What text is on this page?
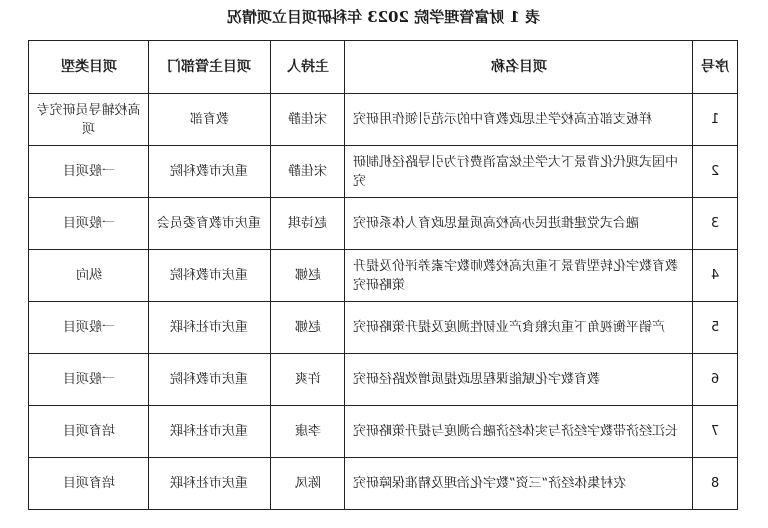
表 1 财富管理学院 2023 年科研项目立项情况
项目类型	项目主管部门	主持人	项目名称	序号
高校辅导员研究专项	教育部	宋佳静	样板支部在高校学生思政教育中的示范引领作用研究	1
一般项目	重庆市教科院	宋佳静	中国式现代化背景下大学生炫富消费行为引导路径机制研究	2
一般项目	重庆市教育委员会	赵诗琪	融合式党建推进民办高校高质量思政育人体系研究	3
纵向	重庆市教科院	赵娜	教育数字化转型背景下重庆高校教师数字素养评价及提升策略研究	4
一般项目	重庆市社科联	赵娜	产销平衡视角下重庆粮食产业韧性测度及提升策略研究	5
一般项目	重庆市教科院	许爽	教育数字化赋能课程思政提质增效路径研究	6
培育项目	重庆市社科联	李康	长江经济带数字经济与实体经济融合测度与提升策略研究	7
培育项目	重庆市社科联	陈凤	农村集体经济“三资”数字化治理及精准保障研究	8
